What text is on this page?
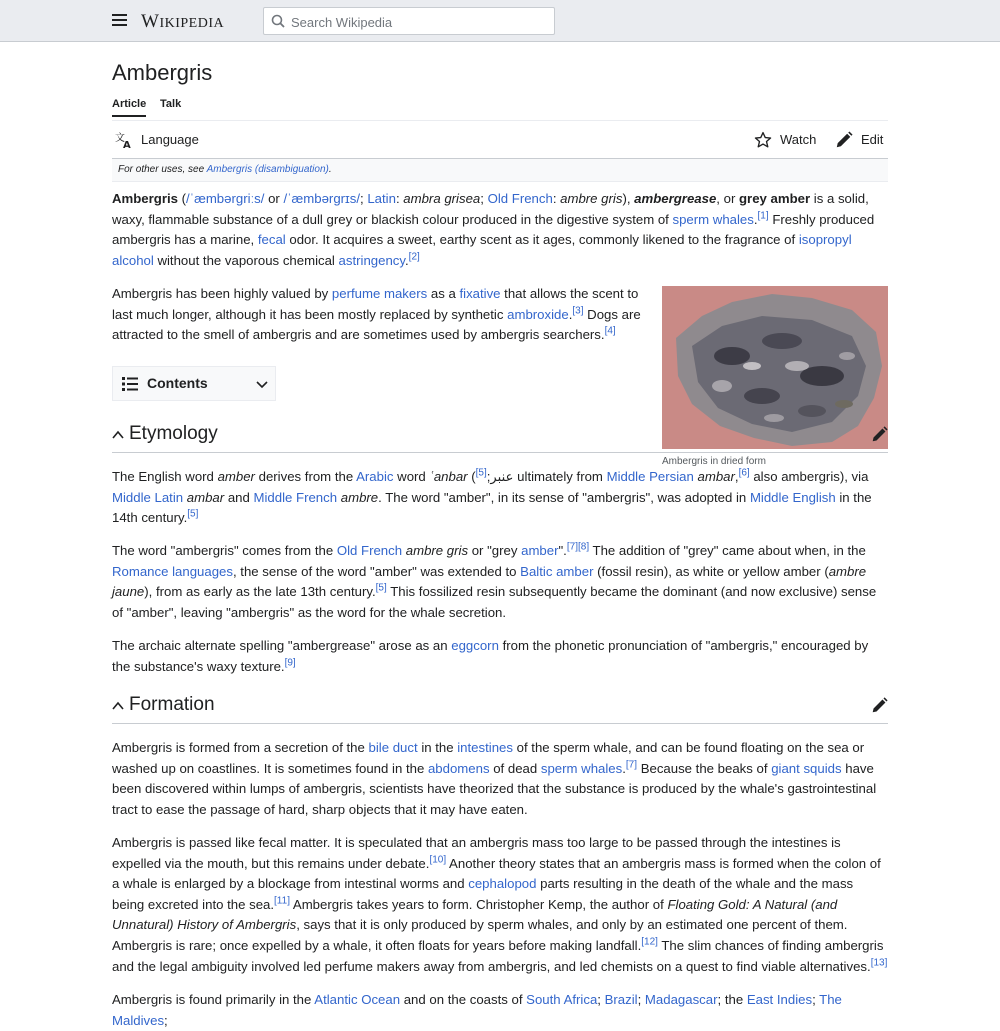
WIKIPEDIA
Search Wikipedia
Ambergris
Article Talk
文
A Language	Watch	Edit
For other uses, see Ambergris (disambiguation).

Ambergris (/ˈæmbərɡriːs/ or /ˈæmbərɡrɪs/; Latin: ambra grisea; Old French: ambre gris), ambergrease, or grey amber is a solid, waxy, flammable substance of a dull grey or blackish colour produced in the digestive system of sperm whales.[1] Freshly produced ambergris has a marine, fecal odor. It acquires a sweet, earthy scent as it ages, commonly likened to the fragrance of isopropyl alcohol without the vaporous chemical astringency.[2]

Ambergris has been highly valued by perfume makers as a fixative that allows the scent to last much longer, although it has been mostly replaced by synthetic ambroxide.[3] Dogs are attracted to the smell of ambergris and are sometimes used by ambergris searchers.[4]

Ambergris in dried form
Contents
Etymology

The English word amber derives from the Arabic word ʿanbar (عنبر;[5] ultimately from Middle Persian ambar,[6] also ambergris), via Middle Latin ambar and Middle French ambre. The word "amber", in its sense of "ambergris", was adopted in Middle English in the 14th century.[5]

The word "ambergris" comes from the Old French ambre gris or "grey amber".[7][8] The addition of "grey" came about when, in the Romance languages, the sense of the word "amber" was extended to Baltic amber (fossil resin), as white or yellow amber (ambre jaune), from as early as the late 13th century.[5] This fossilized resin subsequently became the dominant (and now exclusive) sense of "amber", leaving "ambergris" as the word for the whale secretion.

The archaic alternate spelling "ambergrease" arose as an eggcorn from the phonetic pronunciation of "ambergris," encouraged by the substance's waxy texture.[9]

Formation

Ambergris is formed from a secretion of the bile duct in the intestines of the sperm whale, and can be found floating on the sea or washed up on coastlines. It is sometimes found in the abdomens of dead sperm whales.[7] Because the beaks of giant squids have been discovered within lumps of ambergris, scientists have theorized that the substance is produced by the whale's gastrointestinal tract to ease the passage of hard, sharp objects that it may have eaten.

Ambergris is passed like fecal matter. It is speculated that an ambergris mass too large to be passed through the intestines is expelled via the mouth, but this remains under debate.[10] Another theory states that an ambergris mass is formed when the colon of a whale is enlarged by a blockage from intestinal worms and cephalopod parts resulting in the death of the whale and the mass being excreted into the sea.[11] Ambergris takes years to form. Christopher Kemp, the author of Floating Gold: A Natural (and Unnatural) History of Ambergris, says that it is only produced by sperm whales, and only by an estimated one percent of them. Ambergris is rare; once expelled by a whale, it often floats for years before making landfall.[12] The slim chances of finding ambergris and the legal ambiguity involved led perfume makers away from ambergris, and led chemists on a quest to find viable alternatives.[13]

Ambergris is found primarily in the Atlantic Ocean and on the coasts of South Africa; Brazil; Madagascar; the East Indies; The Maldives;
